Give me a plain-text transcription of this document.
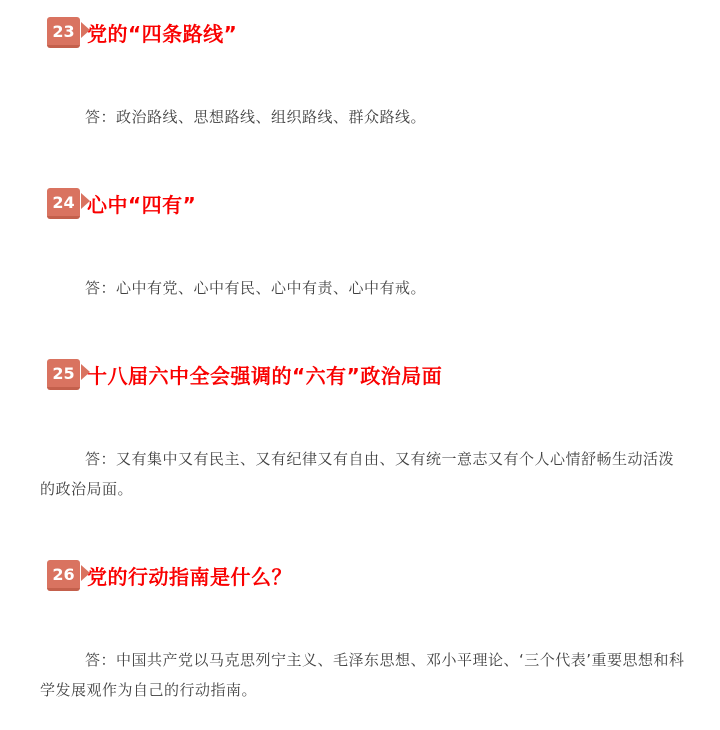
23 党的“四条路线”

答：政治路线、思想路线、组织路线、群众路线。

24 心中“四有”

答：心中有党、心中有民、心中有责、心中有戒。

25 十八届六中全会强调的“六有”政治局面

答：又有集中又有民主、又有纪律又有自由、又有统一意志又有个人心情舒畅生动活泼的政治局面。

26 党的行动指南是什么？

答：中国共产党以马克思列宁主义、毛泽东思想、邓小平理论、‘三个代表’重要思想和科学发展观作为自己的行动指南。
